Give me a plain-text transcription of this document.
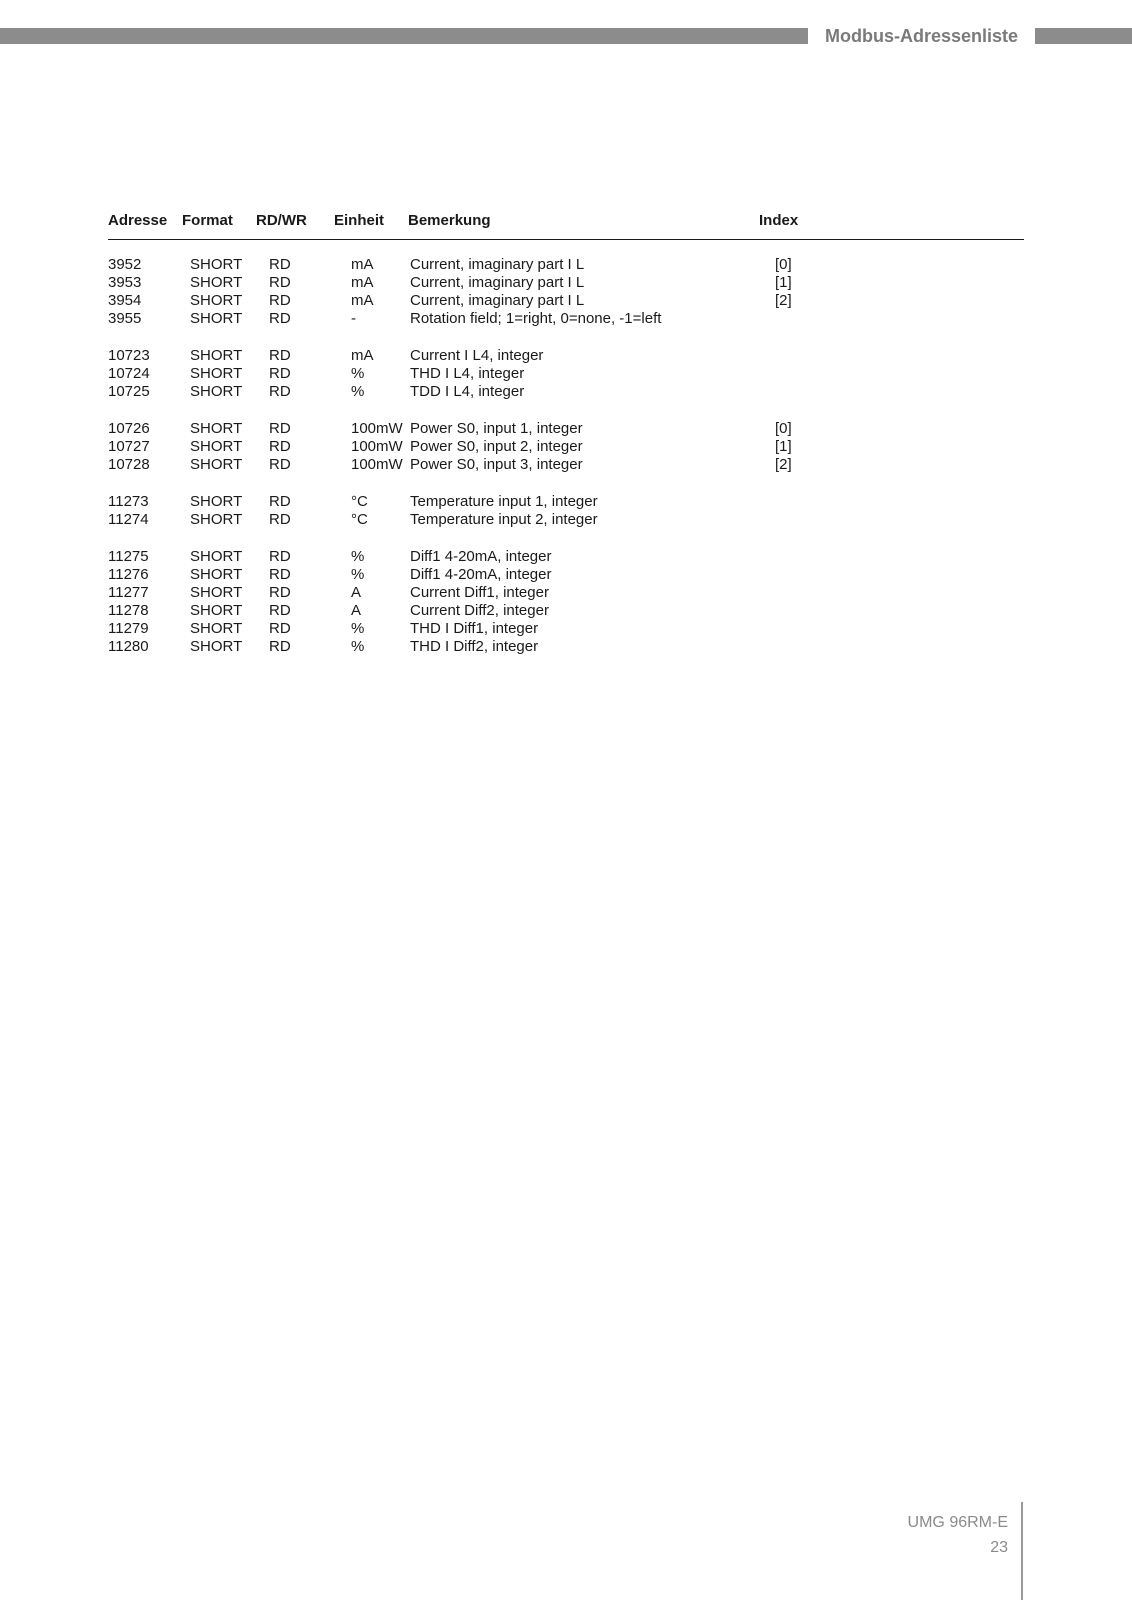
Modbus-Adressenliste
Adresse Format RD/WR Einheit Bemerkung	Index
3952	SHORT RD	mA Current, imaginary part I L	[0]
3953	SHORT RD	mA Current, imaginary part I L	[1]
3954	SHORT RD	mA Current, imaginary part I L	[2]
3955	SHORT RD	-	Rotation field; 1=right, 0=none, -1=left
10723	SHORT RD	mA Current I L4, integer
10724	SHORT RD	%	THD I L4, integer
10725	SHORT RD	%	TDD I L4, integer
10726	SHORT RD	100mW Power S0, input 1, integer	[0]
10727	SHORT RD	100mW Power S0, input 2, integer	[1]
10728	SHORT RD	100mW Power S0, input 3, integer	[2]
11273	SHORT RD	°C	Temperature input 1, integer
11274	SHORT RD	°C	Temperature input 2, integer
11275	SHORT RD	%	Diff1 4-20mA, integer
11276	SHORT RD	%	Diff1 4-20mA, integer
11277	SHORT RD	A	Current Diff1, integer
11278	SHORT RD	A	Current Diff2, integer
11279	SHORT RD	%	THD I Diff1, integer
11280	SHORT RD	%	THD I Diff2, integer
UMG 96RM-E
23
